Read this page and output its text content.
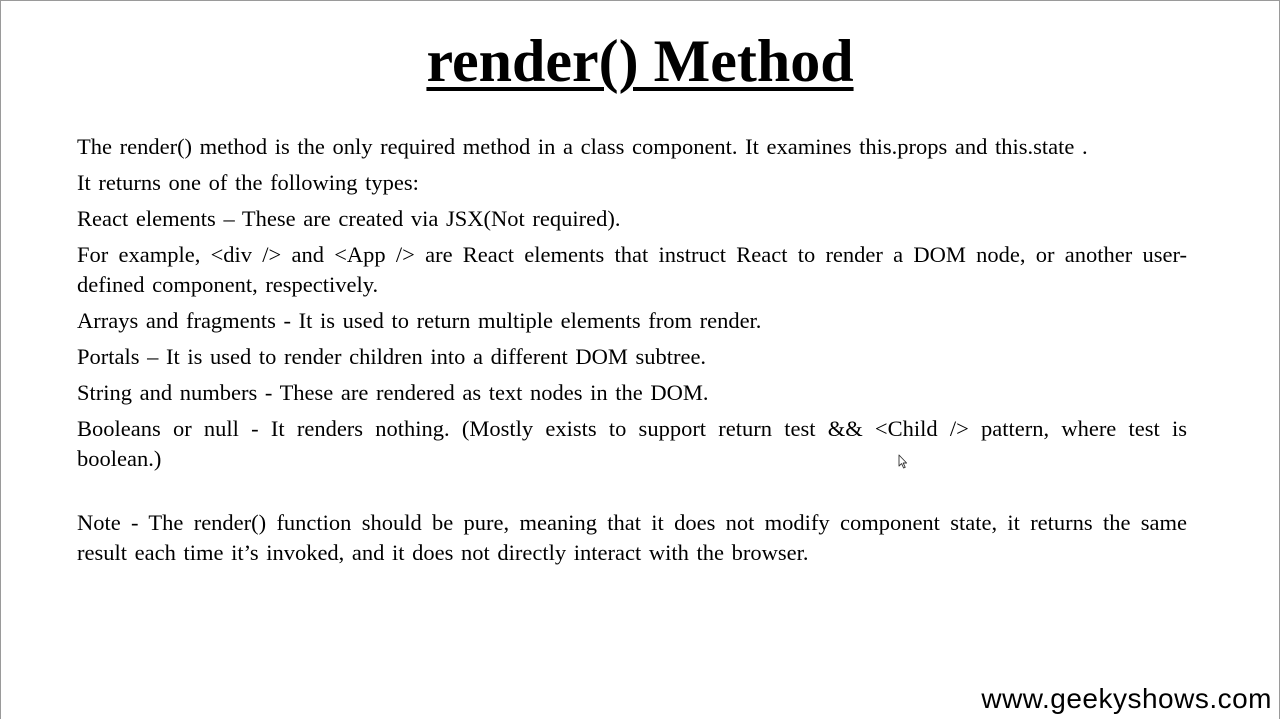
render() Method

The render() method is the only required method in a class component. It examines this.props and this.state .

It returns one of the following types:

React elements – These are created via JSX(Not required).

For example, <div /> and <App /> are React elements that instruct React to render a DOM node, or another user-defined component, respectively.

Arrays and fragments - It is used to return multiple elements from render.

Portals – It is used to render children into a different DOM subtree.

String and numbers - These are rendered as text nodes in the DOM.

Booleans or null - It renders nothing. (Mostly exists to support return test && <Child /> pattern, where test is boolean.)

Note - The render() function should be pure, meaning that it does not modify component state, it returns the same result each time it’s invoked, and it does not directly interact with the browser.

www.geekyshows.com
